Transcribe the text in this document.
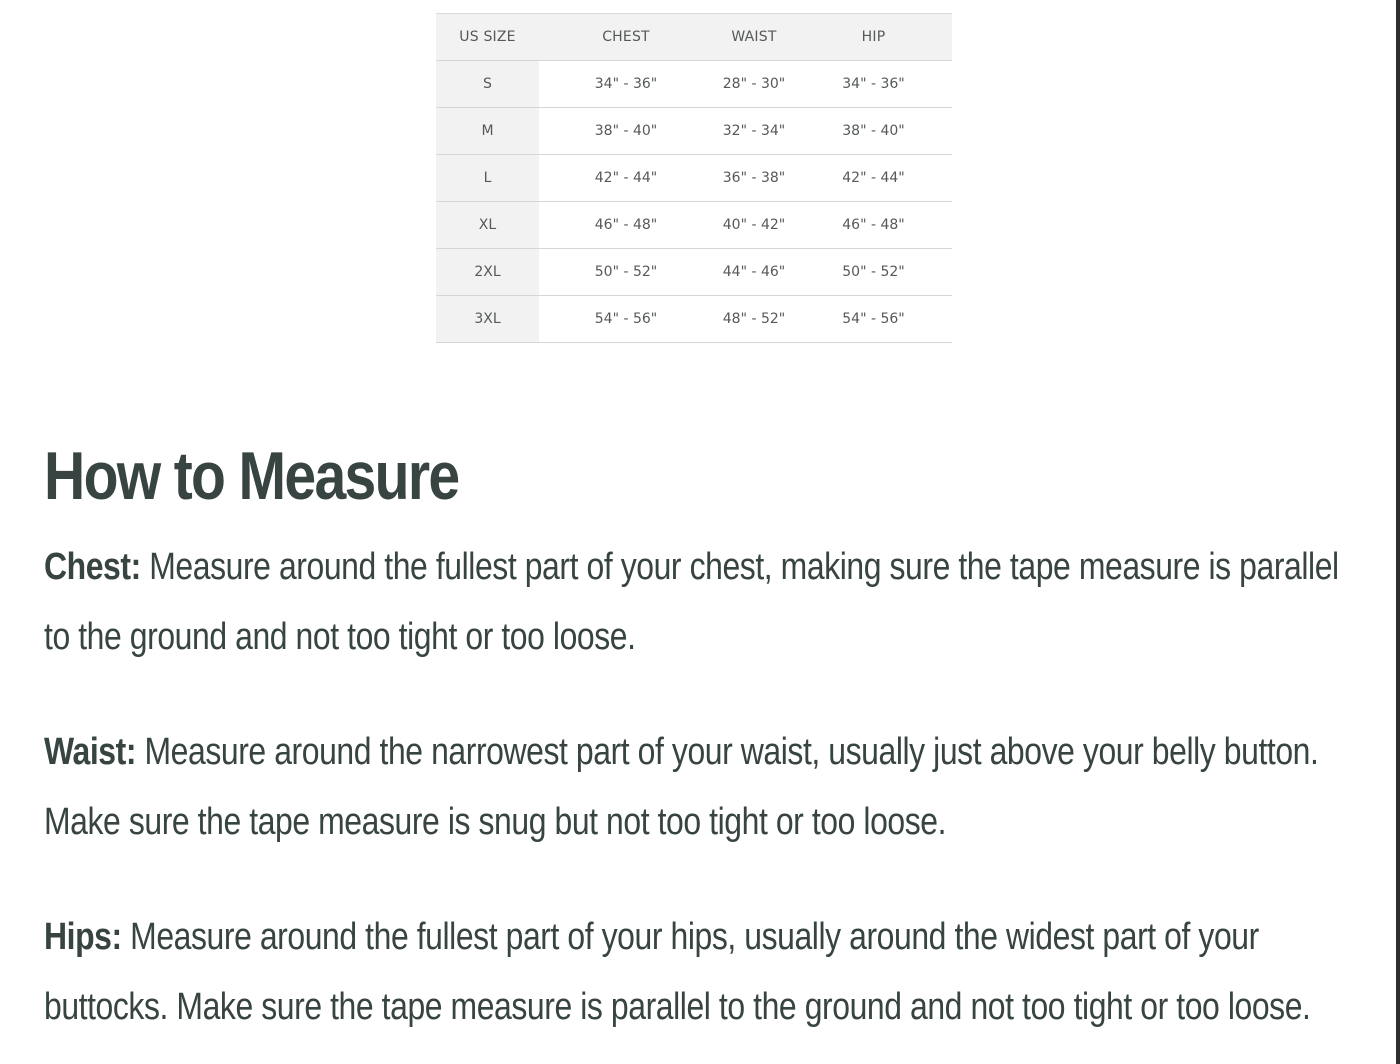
US SIZE	CHEST	WAIST	HIP
S	34" - 36"	28" - 30"	34" - 36"
M	38" - 40"	32" - 34"	38" - 40"
L	42" - 44"	36" - 38"	42" - 44"
XL	46" - 48"	40" - 42"	46" - 48"
2XL	50" - 52"	44" - 46"	50" - 52"
3XL	54" - 56"	48" - 52"	54" - 56"
How to Measure

Chest: Measure around the fullest part of your chest, making sure the tape measure is parallel to the ground and not too tight or too loose.

Waist: Measure around the narrowest part of your waist, usually just above your belly button. Make sure the tape measure is snug but not too tight or too loose.

Hips: Measure around the fullest part of your hips, usually around the widest part of your buttocks. Make sure the tape measure is parallel to the ground and not too tight or too loose.
